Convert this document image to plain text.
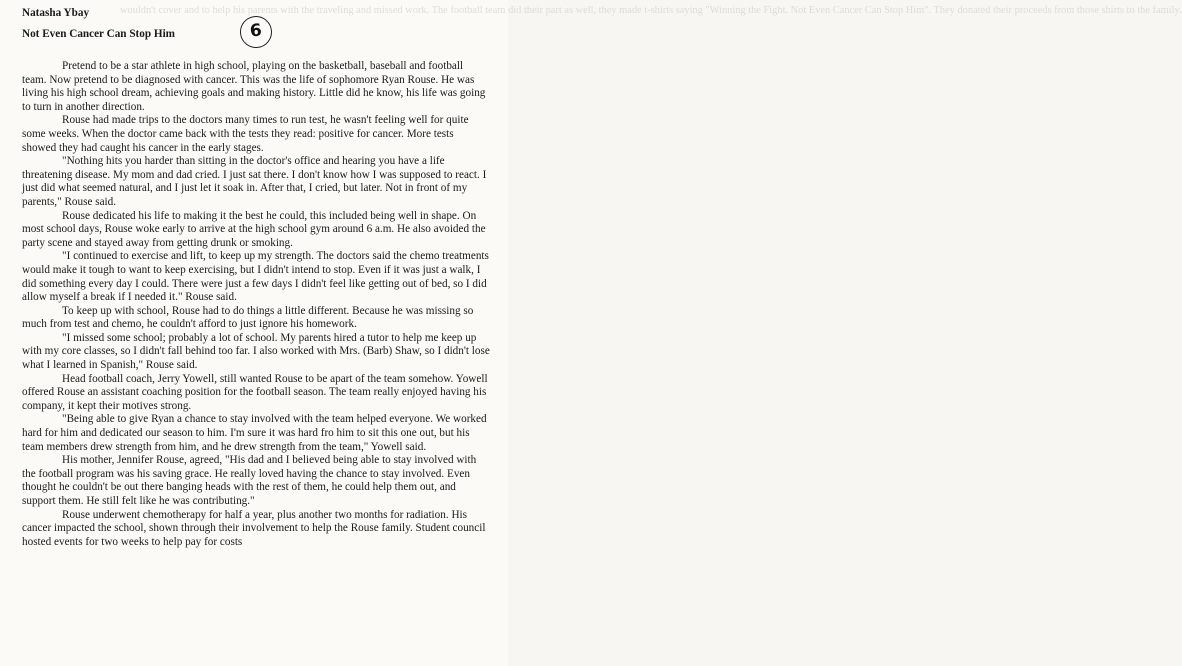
wouldn't cover and to help his parents with the traveling and missed work. The football team did their part as well, they made t-shirts saying "Winning the Fight. Not Even Cancer Can Stop Him". They donated their proceeds from those shirts to the family.
Natasha Ybay
Not Even Cancer Can Stop Him	6

Pretend to be a star athlete in high school, playing on the basketball, baseball and football team. Now pretend to be diagnosed with cancer. This was the life of sophomore Ryan Rouse. He was living his high school dream, achieving goals and making history. Little did he know, his life was going to turn in another direction.

Rouse had made trips to the doctors many times to run test, he wasn't feeling well for quite some weeks. When the doctor came back with the tests they read: positive for cancer. More tests showed they had caught his cancer in the early stages.

"Nothing hits you harder than sitting in the doctor's office and hearing you have a life threatening disease. My mom and dad cried. I just sat there. I don't know how I was supposed to react. I just did what seemed natural, and I just let it soak in. After that, I cried, but later. Not in front of my parents," Rouse said.

Rouse dedicated his life to making it the best he could, this included being well in shape. On most school days, Rouse woke early to arrive at the high school gym around 6 a.m. He also avoided the party scene and stayed away from getting drunk or smoking.

"I continued to exercise and lift, to keep up my strength. The doctors said the chemo treatments would make it tough to want to keep exercising, but I didn't intend to stop. Even if it was just a walk, I did something every day I could. There were just a few days I didn't feel like getting out of bed, so I did allow myself a break if I needed it." Rouse said.

To keep up with school, Rouse had to do things a little different. Because he was missing so much from test and chemo, he couldn't afford to just ignore his homework.

"I missed some school; probably a lot of school. My parents hired a tutor to help me keep up with my core classes, so I didn't fall behind too far. I also worked with Mrs. (Barb) Shaw, so I didn't lose what I learned in Spanish," Rouse said.

Head football coach, Jerry Yowell, still wanted Rouse to be apart of the team somehow. Yowell offered Rouse an assistant coaching position for the football season. The team really enjoyed having his company, it kept their motives strong.

"Being able to give Ryan a chance to stay involved with the team helped everyone. We worked hard for him and dedicated our season to him. I'm sure it was hard fro him to sit this one out, but his team members drew strength from him, and he drew strength from the team," Yowell said.

His mother, Jennifer Rouse, agreed, "His dad and I believed being able to stay involved with the football program was his saving grace. He really loved having the chance to stay involved. Even thought he couldn't be out there banging heads with the rest of them, he could help them out, and support them. He still felt like he was contributing."

Rouse underwent chemotherapy for half a year, plus another two months for radiation. His cancer impacted the school, shown through their involvement to help the Rouse family. Student council hosted events for two weeks to help pay for costs
